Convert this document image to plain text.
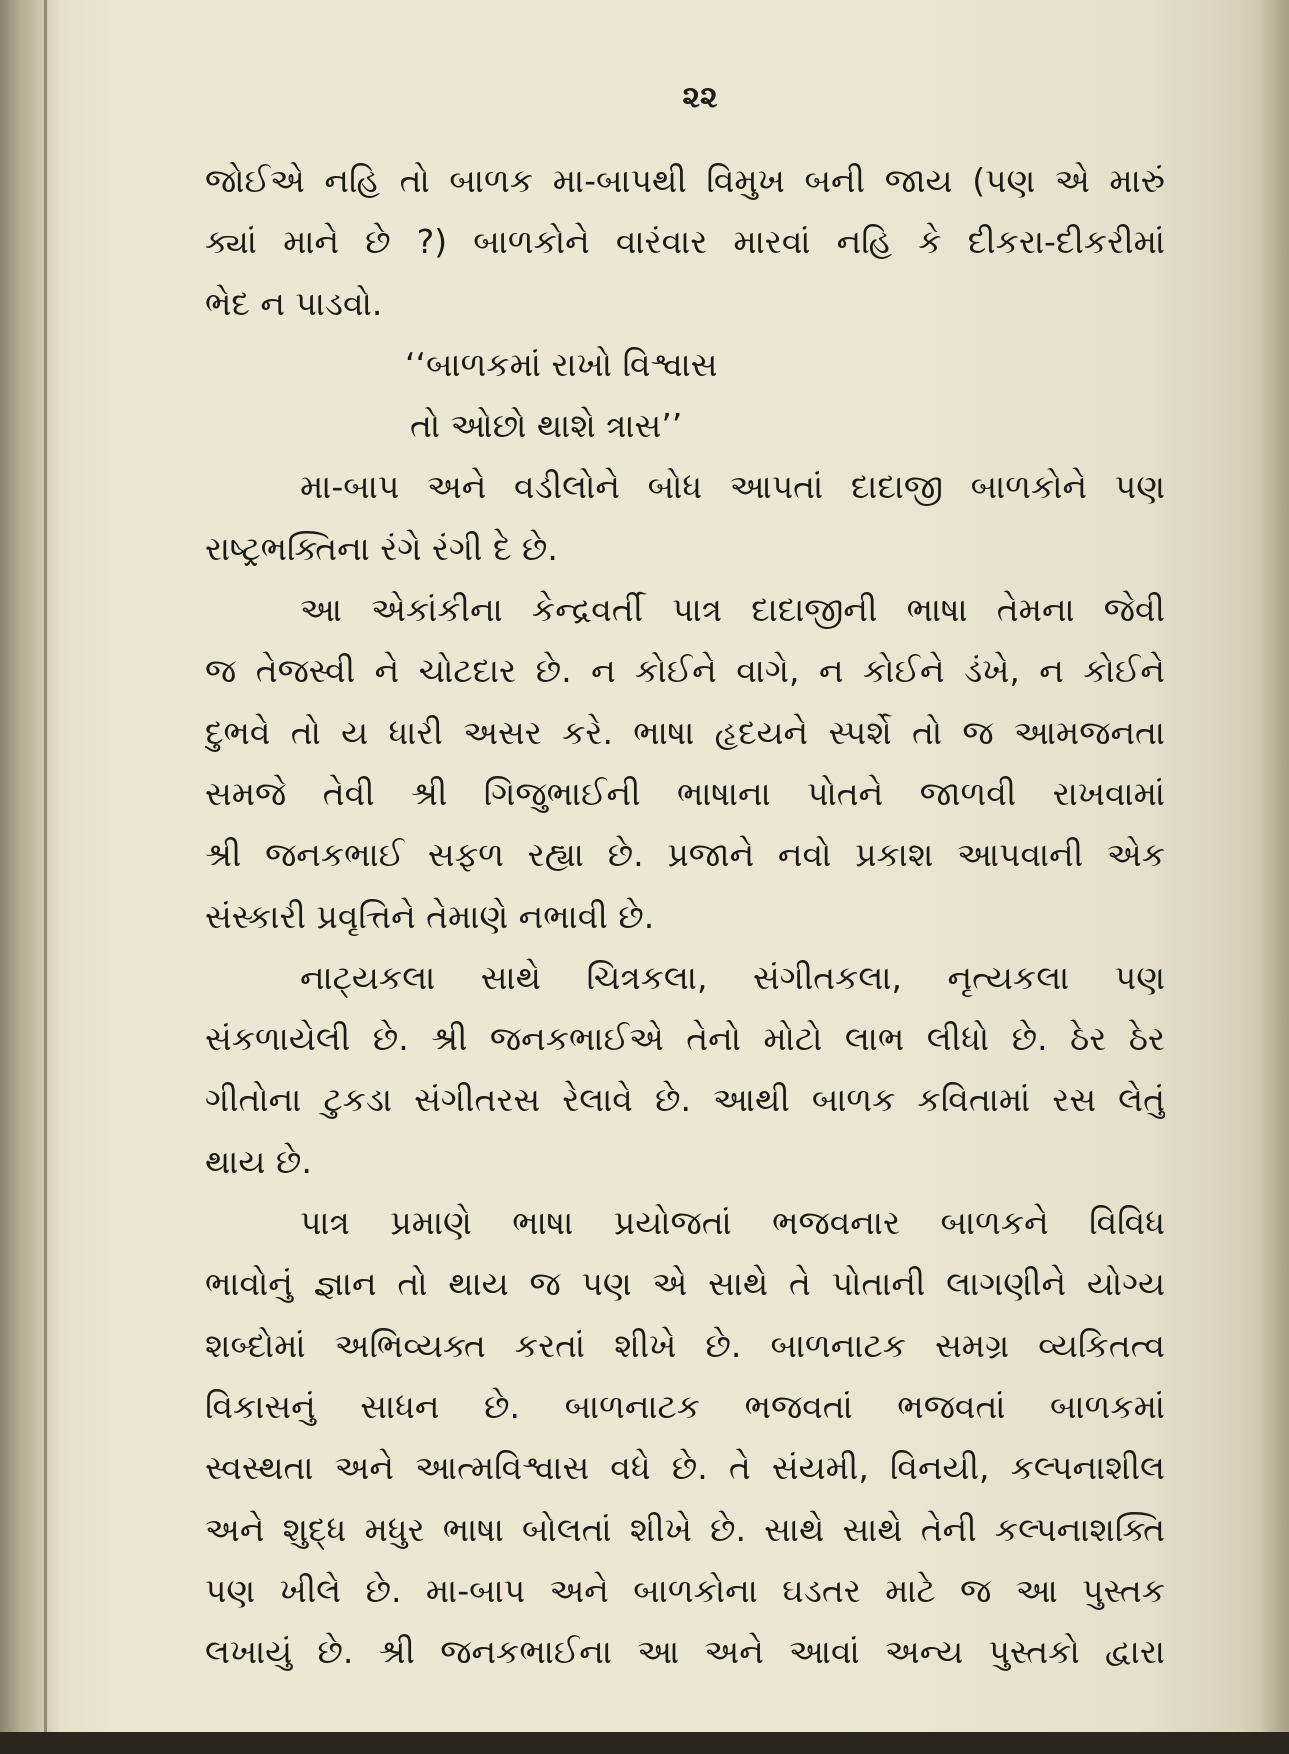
૨૨
જોઈએ નહિ તો બાળક મા-બાપથી વિમુખ બની જાય (પણ એ મારું
ક્યાં માને છે ?) બાળકોને વારંવાર મારવાં નહિ કે દીકરા-દીકરીમાં
ભેદ ન પાડવો.
‘‘બાળકમાં રાખો વિશ્વાસ
તો ઓછો થાશે ત્રાસ’’
મા-બાપ અને વડીલોને બોધ આપતાં દાદાજી બાળકોને પણ
રાષ્ટ્રભક્તિના રંગે રંગી દે છે.
આ એકાંકીના કેન્દ્રવર્તી પાત્ર દાદાજીની ભાષા તેમના જેવી
જ તેજસ્વી ને ચોટદાર છે. ન કોઈને વાગે, ન કોઈને ડંખે, ન કોઈને
દુભવે તો ય ધારી અસર કરે. ભાષા હૃદયને સ્પર્શે તો જ આમજનતા
સમજે તેવી શ્રી ગિજુભાઈની ભાષાના પોતને જાળવી રાખવામાં
શ્રી જનકભાઈ સફળ રહ્યા છે. પ્રજાને નવો પ્રકાશ આપવાની એક
સંસ્કારી પ્રવૃત્તિને તેમાણે નભાવી છે.
નાટ્યકલા સાથે ચિત્રકલા, સંગીતકલા, નૃત્યકલા પણ
સંકળાયેલી છે. શ્રી જનકભાઈએ તેનો મોટો લાભ લીધો છે. ઠેર ઠેર
ગીતોના ટુકડા સંગીતરસ રેલાવે છે. આથી બાળક કવિતામાં રસ લેતું
થાય છે.
પાત્ર પ્રમાણે ભાષા પ્રયોજતાં ભજવનાર બાળકને વિવિધ
ભાવોનું જ્ઞાન તો થાય જ પણ એ સાથે તે પોતાની લાગણીને યોગ્ય
શબ્દોમાં અભિવ્યક્ત કરતાં શીખે છે. બાળનાટક સમગ્ર વ્યકિતત્વ
વિકાસનું સાધન છે. બાળનાટક ભજવતાં ભજવતાં બાળકમાં
સ્વસ્થતા અને આત્મવિશ્વાસ વધે છે. તે સંયમી, વિનયી, કલ્પનાશીલ
અને શુદ્ધ મધુર ભાષા બોલતાં શીખે છે. સાથે સાથે તેની કલ્પનાશક્તિ
પણ ખીલે છે. મા-બાપ અને બાળકોના ઘડતર માટે જ આ પુસ્તક
લખાયું છે. શ્રી જનકભાઈના આ અને આવાં અન્ય પુસ્તકો દ્વારા
